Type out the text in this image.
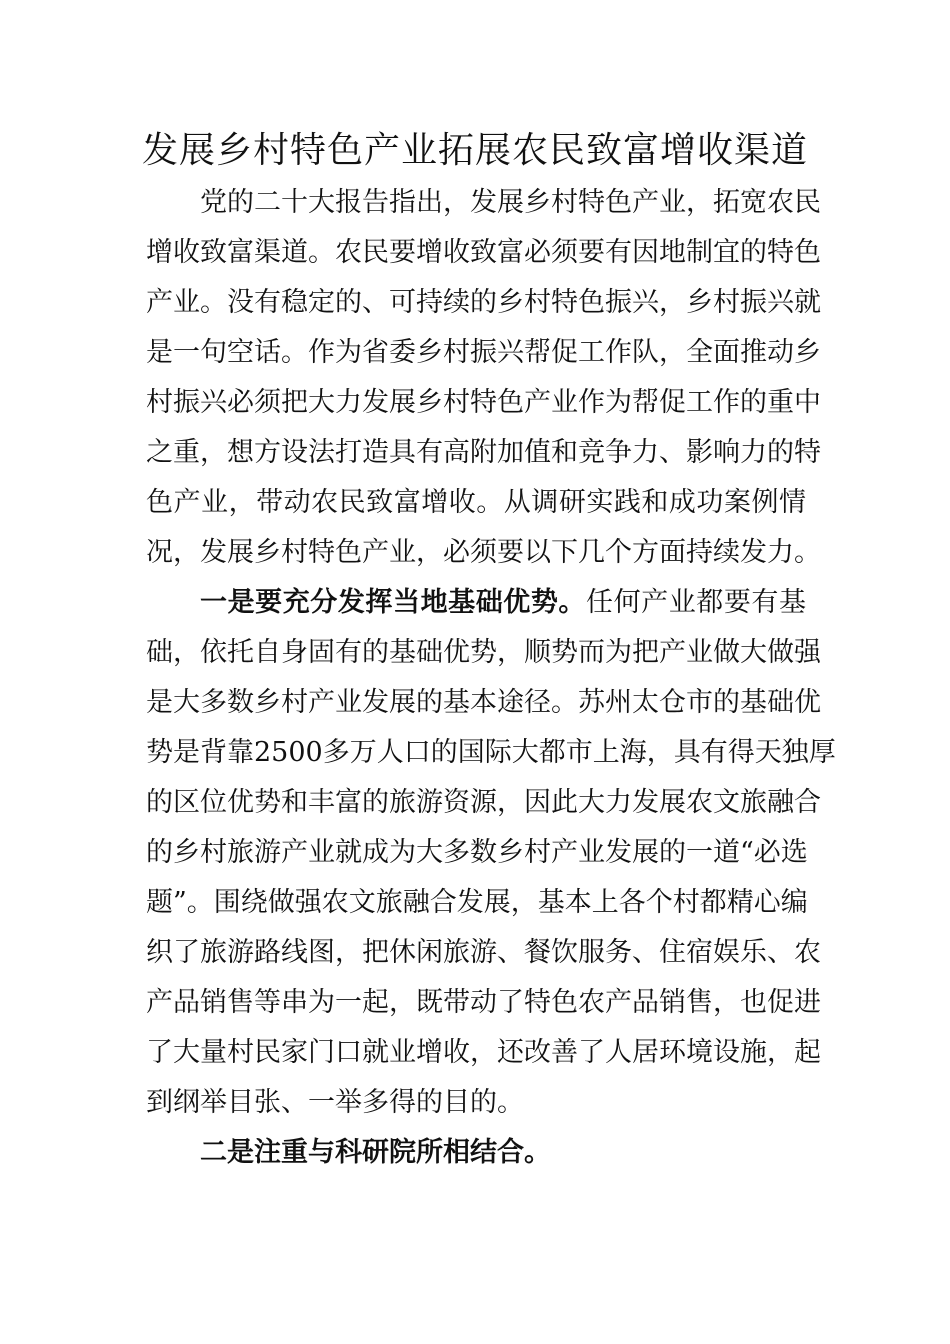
发展乡村特色产业拓展农民致富增收渠道
党的二十大报告指出，发展乡村特色产业，拓宽农民
增收致富渠道。农民要增收致富必须要有因地制宜的特色
产业。没有稳定的、可持续的乡村特色振兴，乡村振兴就
是一句空话。作为省委乡村振兴帮促工作队，全面推动乡
村振兴必须把大力发展乡村特色产业作为帮促工作的重中
之重，想方设法打造具有高附加值和竞争力、影响力的特
色产业，带动农民致富增收。从调研实践和成功案例情
况，发展乡村特色产业，必须要以下几个方面持续发力。
一是要充分发挥当地基础优势。任何产业都要有基
础，依托自身固有的基础优势，顺势而为把产业做大做强
是大多数乡村产业发展的基本途径。苏州太仓市的基础优
势是背靠2500多万人口的国际大都市上海，具有得天独厚
的区位优势和丰富的旅游资源，因此大力发展农文旅融合
的乡村旅游产业就成为大多数乡村产业发展的一道“必选
题”。围绕做强农文旅融合发展，基本上各个村都精心编
织了旅游路线图，把休闲旅游、餐饮服务、住宿娱乐、农
产品销售等串为一起，既带动了特色农产品销售，也促进
了大量村民家门口就业增收，还改善了人居环境设施，起
到纲举目张、一举多得的目的。
二是注重与科研院所相结合。
